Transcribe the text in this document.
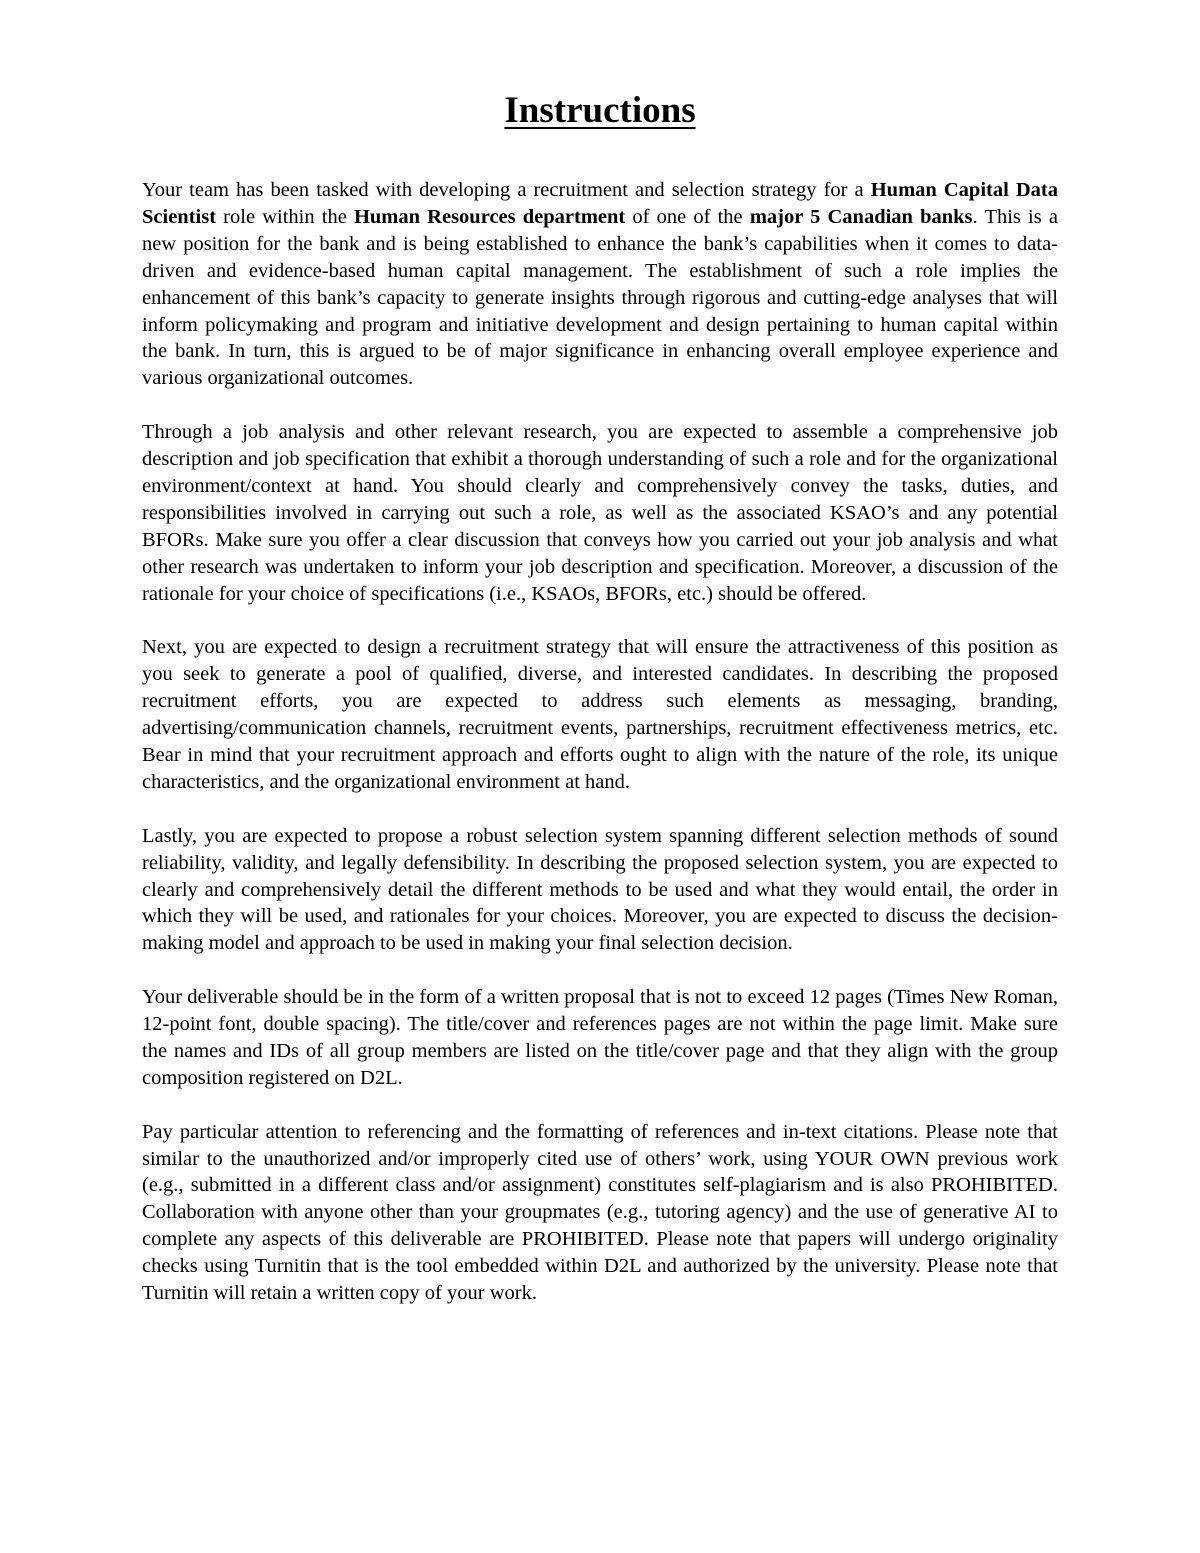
Instructions

Your team has been tasked with developing a recruitment and selection strategy for a Human Capital Data Scientist role within the Human Resources department of one of the major 5 Canadian banks. This is a new position for the bank and is being established to enhance the bank’s capabilities when it comes to data-driven and evidence-based human capital management. The establishment of such a role implies the enhancement of this bank’s capacity to generate insights through rigorous and cutting-edge analyses that will inform policymaking and program and initiative development and design pertaining to human capital within the bank. In turn, this is argued to be of major significance in enhancing overall employee experience and various organizational outcomes.

Through a job analysis and other relevant research, you are expected to assemble a comprehensive job description and job specification that exhibit a thorough understanding of such a role and for the organizational environment/context at hand. You should clearly and comprehensively convey the tasks, duties, and responsibilities involved in carrying out such a role, as well as the associated KSAO’s and any potential BFORs. Make sure you offer a clear discussion that conveys how you carried out your job analysis and what other research was undertaken to inform your job description and specification. Moreover, a discussion of the rationale for your choice of specifications (i.e., KSAOs, BFORs, etc.) should be offered.

Next, you are expected to design a recruitment strategy that will ensure the attractiveness of this position as you seek to generate a pool of qualified, diverse, and interested candidates. In describing the proposed recruitment efforts, you are expected to address such elements as messaging, branding, advertising/communication channels, recruitment events, partnerships, recruitment effectiveness metrics, etc. Bear in mind that your recruitment approach and efforts ought to align with the nature of the role, its unique characteristics, and the organizational environment at hand.

Lastly, you are expected to propose a robust selection system spanning different selection methods of sound reliability, validity, and legally defensibility. In describing the proposed selection system, you are expected to clearly and comprehensively detail the different methods to be used and what they would entail, the order in which they will be used, and rationales for your choices. Moreover, you are expected to discuss the decision-making model and approach to be used in making your final selection decision.

Your deliverable should be in the form of a written proposal that is not to exceed 12 pages (Times New Roman, 12-point font, double spacing). The title/cover and references pages are not within the page limit. Make sure the names and IDs of all group members are listed on the title/cover page and that they align with the group composition registered on D2L.

Pay particular attention to referencing and the formatting of references and in-text citations. Please note that similar to the unauthorized and/or improperly cited use of others’ work, using YOUR OWN previous work (e.g., submitted in a different class and/or assignment) constitutes self-plagiarism and is also PROHIBITED. Collaboration with anyone other than your groupmates (e.g., tutoring agency) and the use of generative AI to complete any aspects of this deliverable are PROHIBITED. Please note that papers will undergo originality checks using Turnitin that is the tool embedded within D2L and authorized by the university. Please note that Turnitin will retain a written copy of your work.
